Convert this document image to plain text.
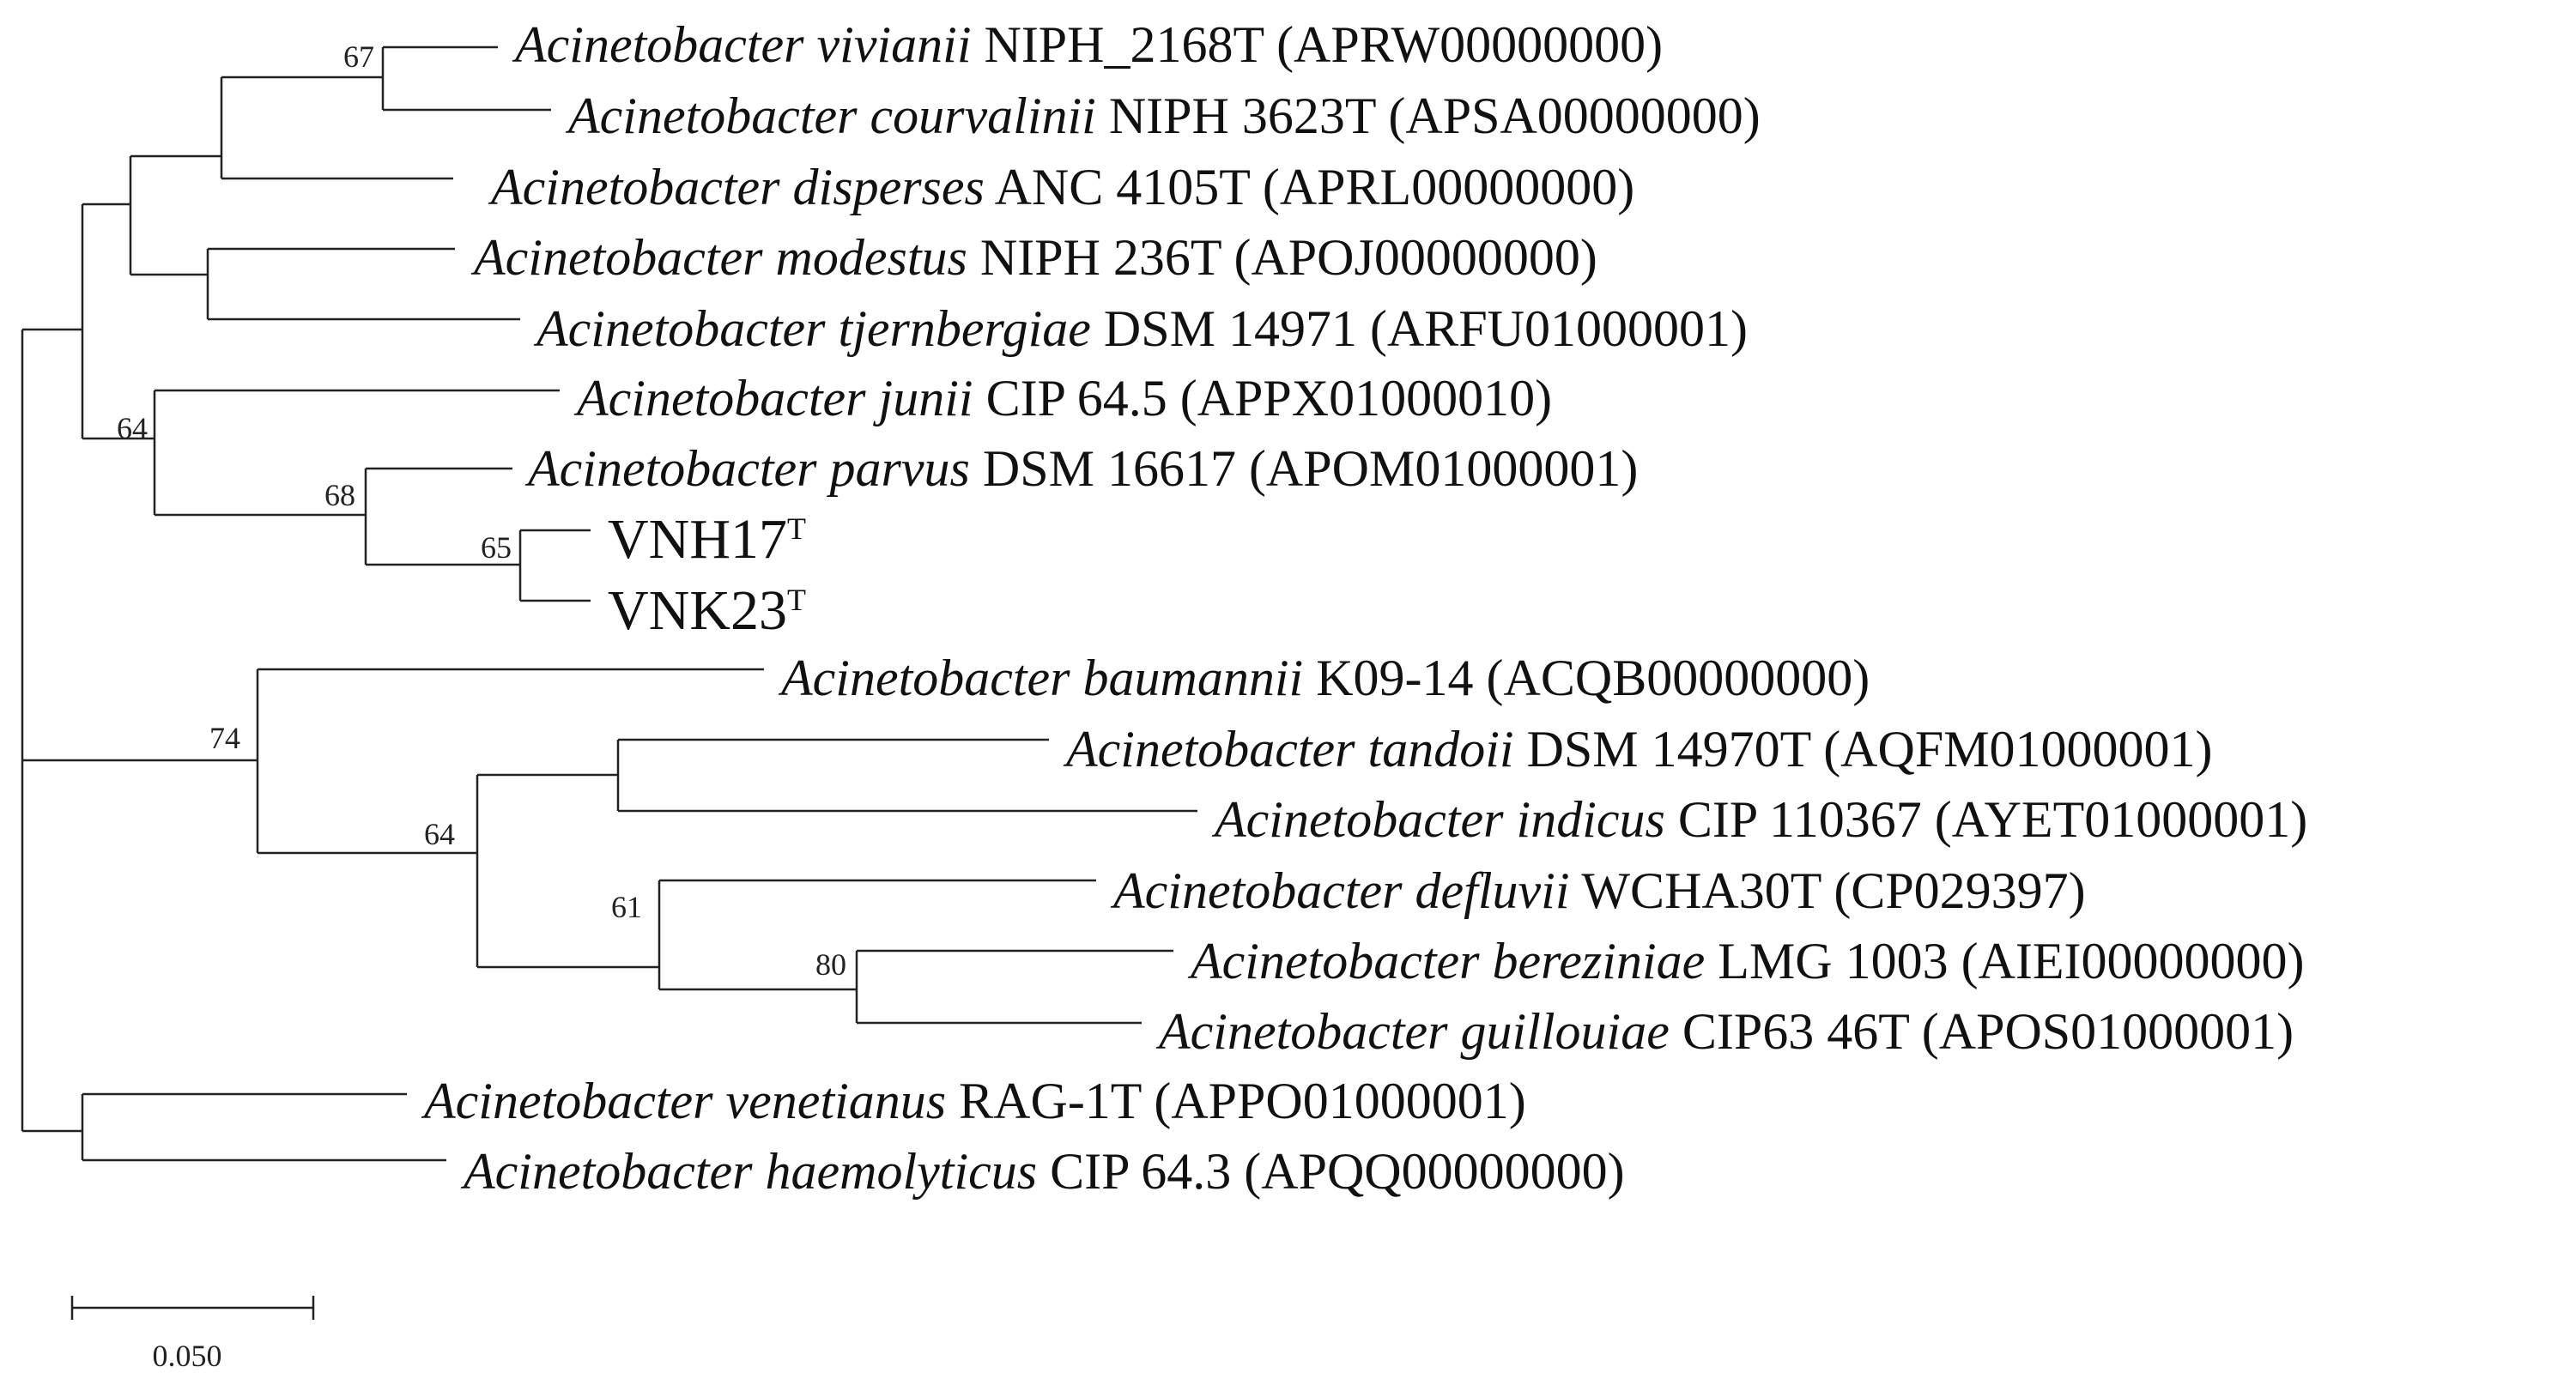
Acinetobacter vivianii NIPH_2168T (APRW00000000)
Acinetobacter courvalinii NIPH 3623T (APSA00000000)
Acinetobacter disperses ANC 4105T (APRL00000000)
Acinetobacter modestus NIPH 236T (APOJ00000000)
Acinetobacter tjernbergiae DSM 14971 (ARFU01000001)
Acinetobacter junii CIP 64.5 (APPX01000010)
Acinetobacter parvus DSM 16617 (APOM01000001)
$VNH17^T$
$VNK23^T$
Acinetobacter baumannii K09-14 (ACQB00000000)
Acinetobacter tandoii DSM 14970T (AQFM01000001)
Acinetobacter indicus CIP 110367 (AYET01000001)
Acinetobacter defluvii WCHA30T (CP029397)
Acinetobacter bereziniae LMG 1003 (AIEI00000000)
Acinetobacter guillouiae CIP63 46T (APOS01000001)
Acinetobacter venetianus RAG-1T (APPO01000001)
Acinetobacter haemolyticus CIP 64.3 (APQQ00000000)
67
64
68
65
74
64
61
80
0.050
